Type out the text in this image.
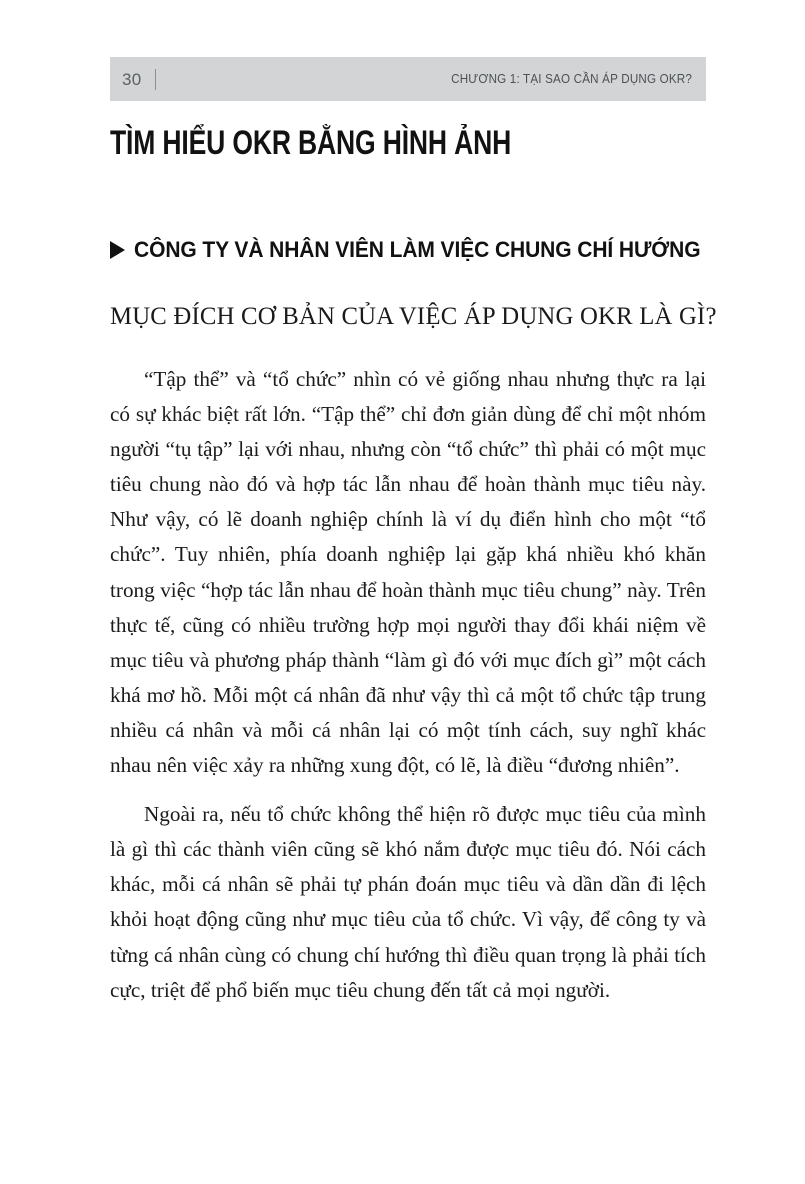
30	CHƯƠNG 1: TẠI SAO CẦN ÁP DỤNG OKR?
TÌM HIỂU OKR BẰNG HÌNH ẢNH
CÔNG TY VÀ NHÂN VIÊN LÀM VIỆC CHUNG CHÍ HƯỚNG
MỤC ĐÍCH CƠ BẢN CỦA VIỆC ÁP DỤNG OKR LÀ GÌ?

“Tập thể” và “tổ chức” nhìn có vẻ giống nhau nhưng thực ra lại có sự khác biệt rất lớn. “Tập thể” chỉ đơn giản dùng để chỉ một nhóm người “tụ tập” lại với nhau, nhưng còn “tổ chức” thì phải có một mục tiêu chung nào đó và hợp tác lẫn nhau để hoàn thành mục tiêu này. Như vậy, có lẽ doanh nghiệp chính là ví dụ điển hình cho một “tổ chức”. Tuy nhiên, phía doanh nghiệp lại gặp khá nhiều khó khăn trong việc “hợp tác lẫn nhau để hoàn thành mục tiêu chung” này. Trên thực tế, cũng có nhiều trường hợp mọi người thay đổi khái niệm về mục tiêu và phương pháp thành “làm gì đó với mục đích gì” một cách khá mơ hồ. Mỗi một cá nhân đã như vậy thì cả một tổ chức tập trung nhiều cá nhân và mỗi cá nhân lại có một tính cách, suy nghĩ khác nhau nên việc xảy ra những xung đột, có lẽ, là điều “đương nhiên”.

Ngoài ra, nếu tổ chức không thể hiện rõ được mục tiêu của mình là gì thì các thành viên cũng sẽ khó nắm được mục tiêu đó. Nói cách khác, mỗi cá nhân sẽ phải tự phán đoán mục tiêu và dần dần đi lệch khỏi hoạt động cũng như mục tiêu của tổ chức. Vì vậy, để công ty và từng cá nhân cùng có chung chí hướng thì điều quan trọng là phải tích cực, triệt để phổ biến mục tiêu chung đến tất cả mọi người.
